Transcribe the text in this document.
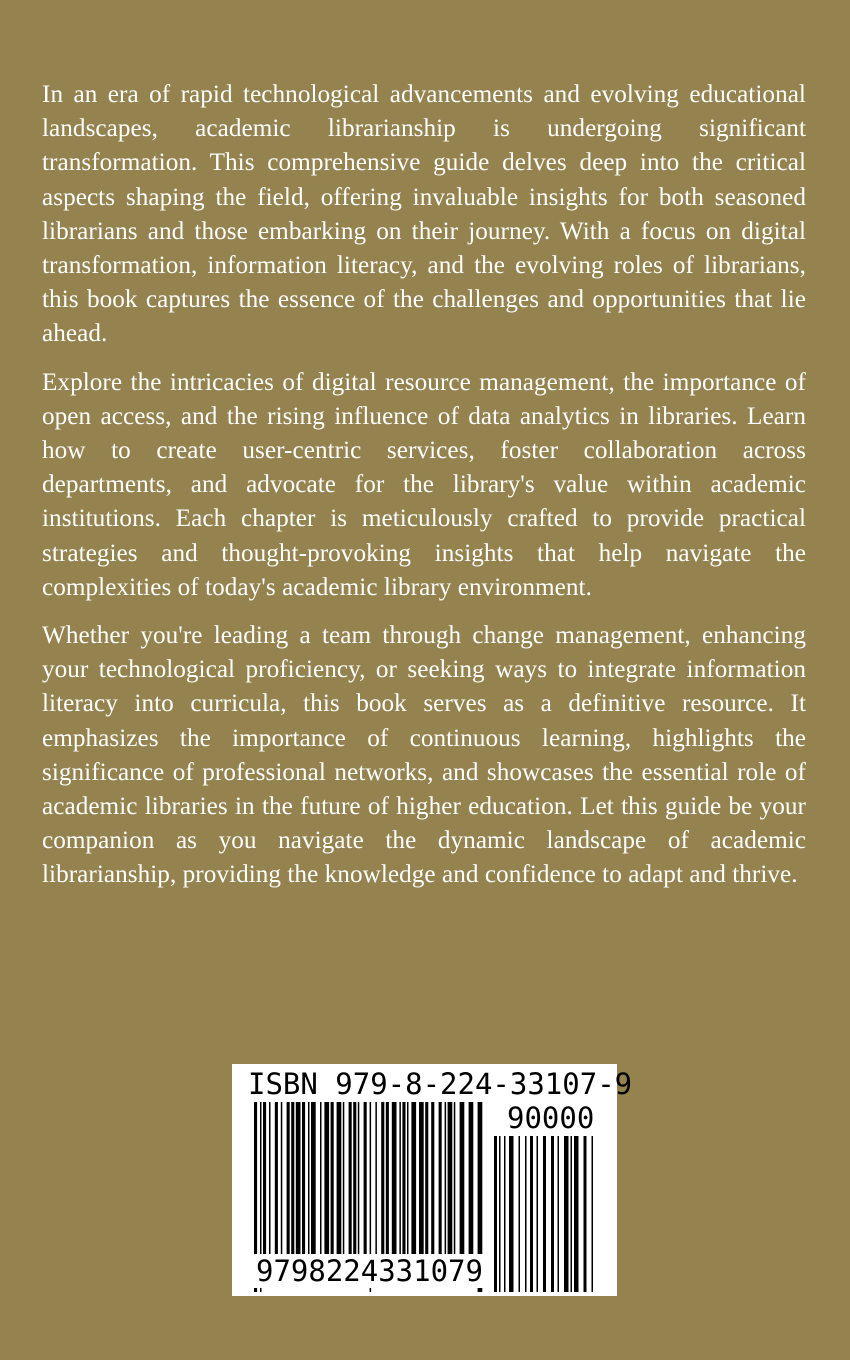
In an era of rapid technological advancements and evolving educational landscapes, academic librarianship is undergoing significant transformation. This comprehensive guide delves deep into the critical aspects shaping the field, offering invaluable insights for both seasoned librarians and those embarking on their journey. With a focus on digital transformation, information literacy, and the evolving roles of librarians, this book captures the essence of the challenges and opportunities that lie ahead.

Explore the intricacies of digital resource management, the importance of open access, and the rising influence of data analytics in libraries. Learn how to create user-centric services, foster collaboration across departments, and advocate for the library's value within academic institutions. Each chapter is meticulously crafted to provide practical strategies and thought-provoking insights that help navigate the complexities of today's academic library environment.

Whether you're leading a team through change management, enhancing your technological proficiency, or seeking ways to integrate information literacy into curricula, this book serves as a definitive resource. It emphasizes the importance of continuous learning, highlights the significance of professional networks, and showcases the essential role of academic libraries in the future of higher education. Let this guide be your companion as you navigate the dynamic landscape of academic librarianship, providing the knowledge and confidence to adapt and thrive.

ISBN 979-8-224-33107-9
90000
9798224331079
